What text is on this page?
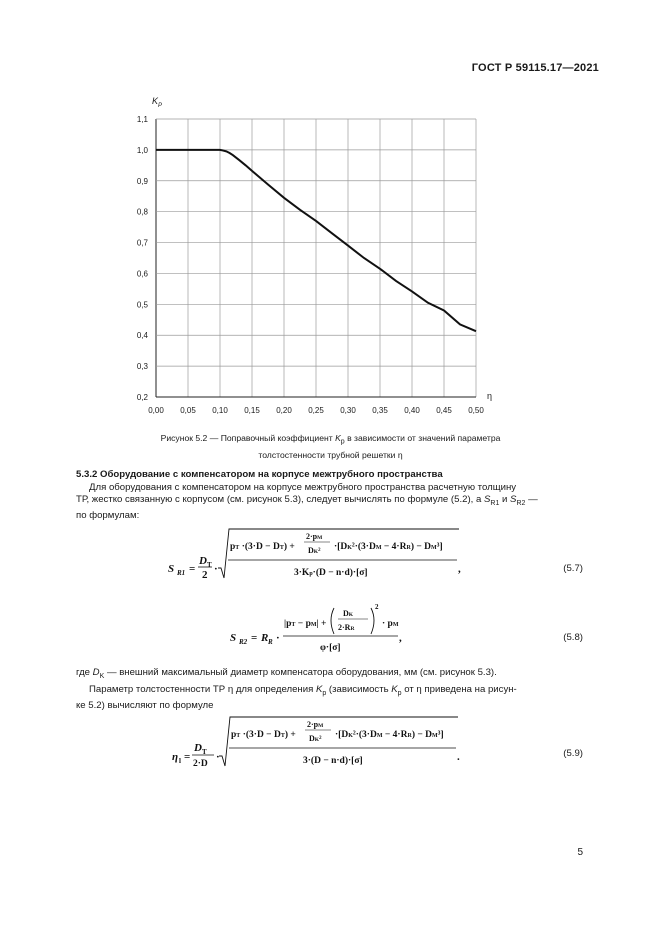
ГОСТ Р 59115.17—2021
0,00 0,05 0,10 0,15 0,20 0,25 0,30 0,35 0,40 0,45 0,50
0,2
0,3
0,4
0,5
0,6
0,7
0,8
0,9
1,0
1,1
$K_P$
η
Рисунок 5.2 — Поправочный коэффициент $K_p$ в зависимости от значений параметра
толстостенности трубной решетки η
5.3.2 Оборудование с компенсатором на корпусе межтрубного пространства
Для оборудования с компенсатором на корпусе межтрубного пространства расчетную толщину
ТР, жестко связанную с корпусом (см. рисунок 5.3), следует вычислять по формуле (5.2), а $S_{R1}$ и $S_{R2}$ —
по формулам:
S R1 =
D T
2 ·
pT ·(3·D − DT) +
2·pM
DK² ·[DK²·(3·DM − 4·RR) − DM³]
3·Kp·(D − n·d)·[σ]	,
S R2 = R R ·
|pT − pM| +
DK
2·RR
2
· pM
φ·[σ]
,
η l =
D T
2·D
·
pT ·(3·D − DT) +
2·pM
DK² ·[DK²·(3·DM − 4·RR) − DM³]
3·(D − n·d)·[σ]	.
(5.7)
(5.8)
(5.9)
где $D_K$ — внешний максимальный диаметр компенсатора оборудования, мм (см. рисунок 5.3).
Параметр толстостенности ТР η для определения $K_p$ (зависимость $K_p$ от η приведена на рисун-
ке 5.2) вычисляют по формуле
5
